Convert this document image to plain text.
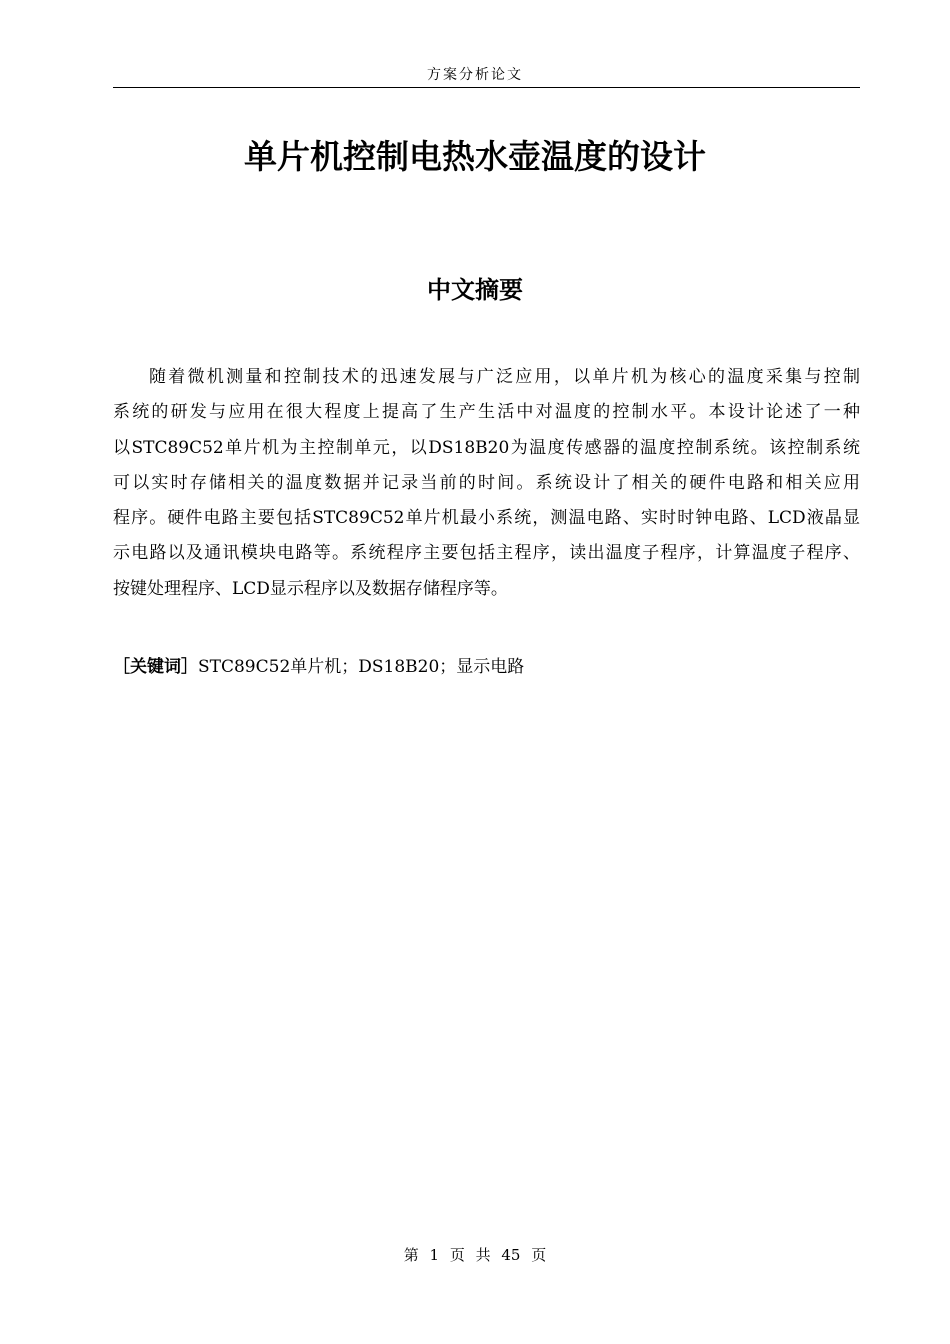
方案分析论文
单片机控制电热水壶温度的设计
中文摘要
随着微机测量和控制技术的迅速发展与广泛应用，以单片机为核心的温度采集与控制
系统的研发与应用在很大程度上提高了生产生活中对温度的控制水平。本设计论述了一种
以STC89C52单片机为主控制单元，以DS18B20为温度传感器的温度控制系统。该控制系统
可以实时存储相关的温度数据并记录当前的时间。系统设计了相关的硬件电路和相关应用
程序。硬件电路主要包括STC89C52单片机最小系统，测温电路、实时时钟电路、LCD液晶显
示电路以及通讯模块电路等。系统程序主要包括主程序，读出温度子程序，计算温度子程序、
按键处理程序、LCD显示程序以及数据存储程序等。
［关键词］STC89C52单片机；DS18B20；显示电路
第 1 页 共 45 页
